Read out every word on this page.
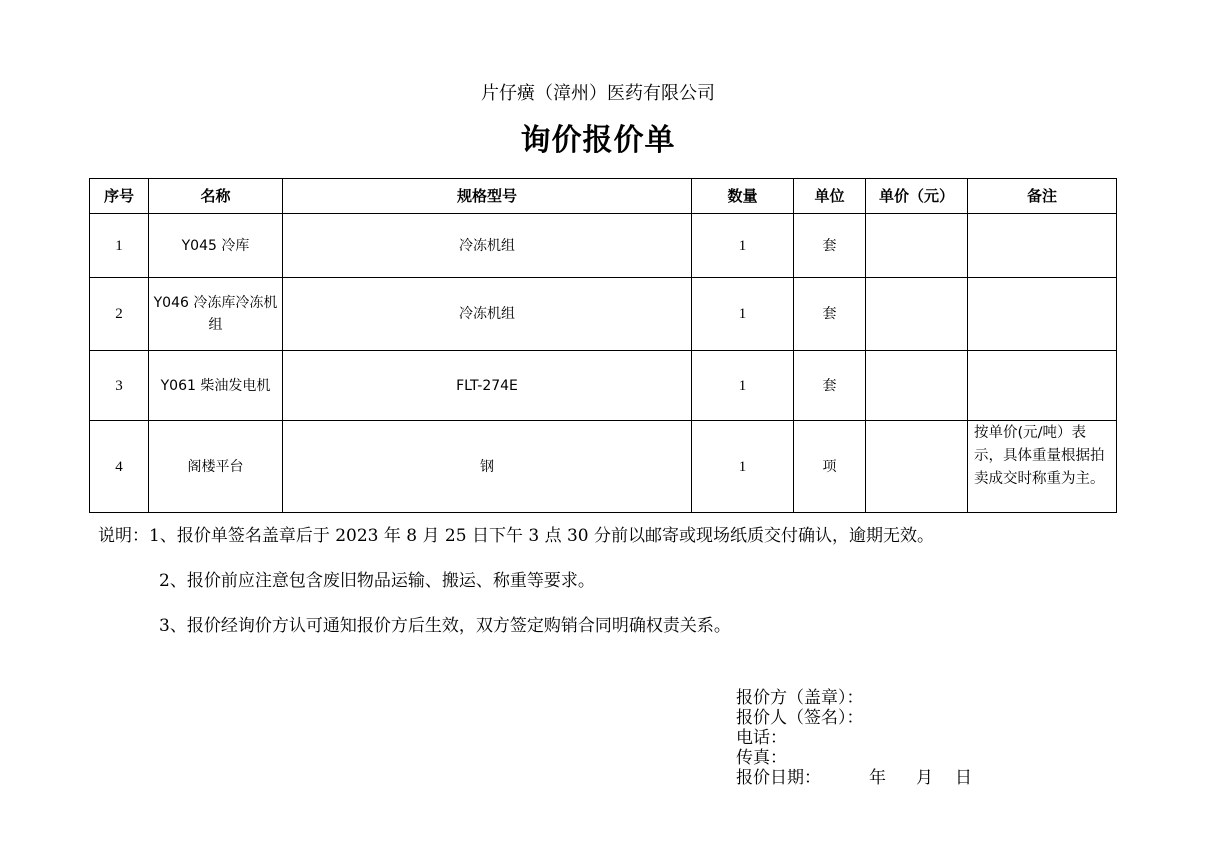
片仔癀（漳州）医药有限公司
询价报价单
序号	名称	规格型号	数量	单位	单价（元）	备注
1	Y045 冷库	冷冻机组	1	套		
2	Y046 冷冻库冷冻机组	冷冻机组	1	套		
3	Y061 柴油发电机	FLT-274E	1	套		
4	阁楼平台	钢	1	项		按单价(元/吨）表示，具体重量根据拍卖成交时称重为主。
说明：1、报价单签名盖章后于 2023 年 8 月 25 日下午 3 点 30 分前以邮寄或现场纸质交付确认，逾期无效。
2、报价前应注意包含废旧物品运输、搬运、称重等要求。
3、报价经询价方认可通知报价方后生效，双方签定购销合同明确权责关系。
报价方（盖章）：
报价人（签名）：
电话：
传真：
报价日期：	年 月 日
